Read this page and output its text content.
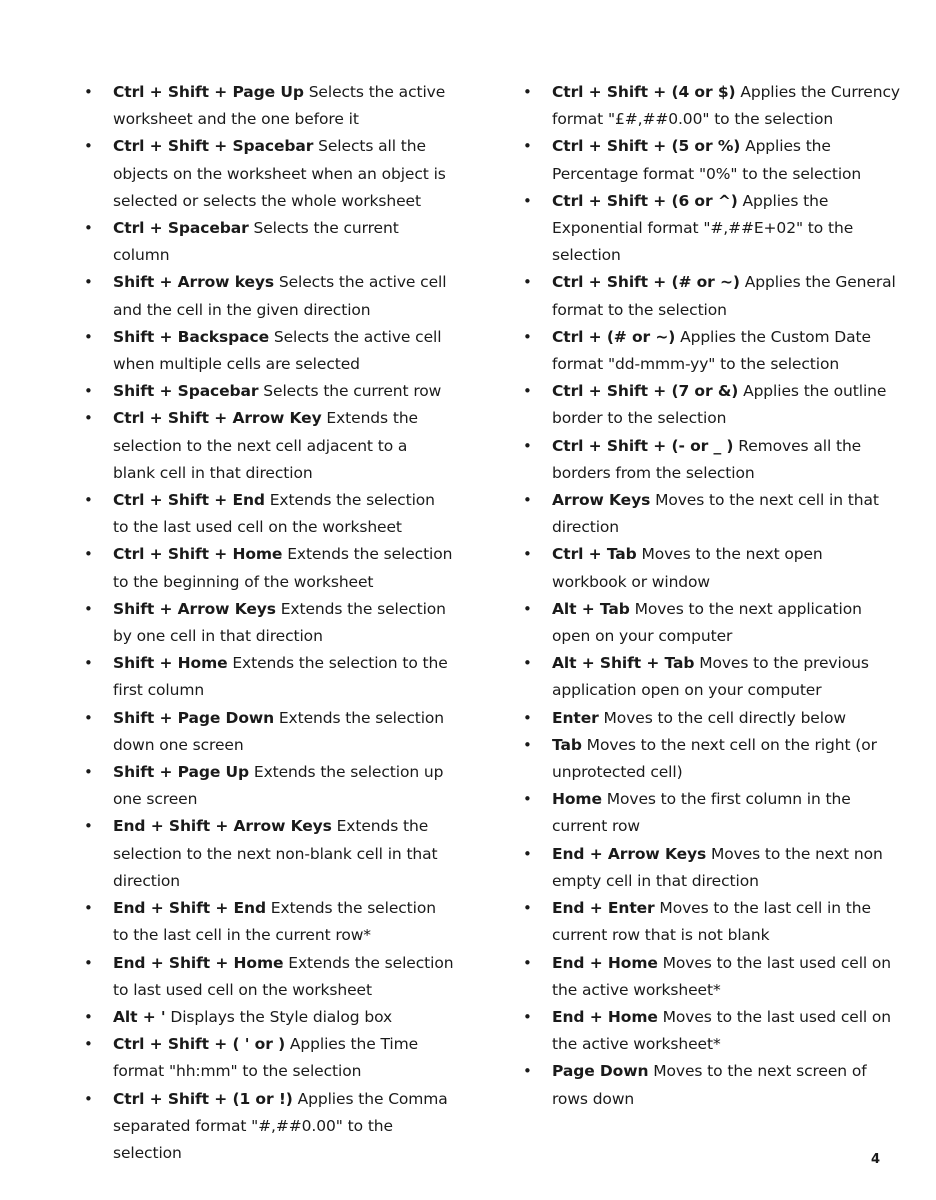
•	Ctrl + Shift + Page Up Selects the active worksheet and the one before it
•	Ctrl + Shift + Spacebar Selects all the objects on the worksheet when an object is selected or selects the whole worksheet
•	Ctrl + Spacebar Selects the current column
•	Shift + Arrow keys Selects the active cell and the cell in the given direction
•	Shift + Backspace Selects the active cell when multiple cells are selected
•	Shift + Spacebar Selects the current row
•	Ctrl + Shift + Arrow Key Extends the selection to the next cell adjacent to a blank cell in that direction
•	Ctrl + Shift + End Extends the selection to the last used cell on the worksheet
•	Ctrl + Shift + Home Extends the selection to the beginning of the worksheet
•	Shift + Arrow Keys Extends the selection by one cell in that direction
•	Shift + Home Extends the selection to the first column
•	Shift + Page Down Extends the selection down one screen
•	Shift + Page Up Extends the selection up one screen
•	End + Shift + Arrow Keys Extends the selection to the next non-blank cell in that direction
•	End + Shift + End Extends the selection to the last cell in the current row*
•	End + Shift + Home Extends the selection to last used cell on the worksheet
•	Alt + ' Displays the Style dialog box
•	Ctrl + Shift + ( ' or ) Applies the Time format "hh:mm" to the selection
•	Ctrl + Shift + (1 or !) Applies the Comma separated format "#,##0.00" to the selection
•	Ctrl + Shift + (4 or $) Applies the Currency format "£#,##0.00" to the selection
•	Ctrl + Shift + (5 or %) Applies the Percentage format "0%" to the selection
•	Ctrl + Shift + (6 or ^) Applies the Exponential format "#,##E+02" to the selection
•	Ctrl + Shift + (# or ~) Applies the General format to the selection
•	Ctrl + (# or ~) Applies the Custom Date format "dd-mmm-yy" to the selection
•	Ctrl + Shift + (7 or &) Applies the outline border to the selection
•	Ctrl + Shift + (- or _ ) Removes all the borders from the selection
•	Arrow Keys Moves to the next cell in that direction
•	Ctrl + Tab Moves to the next open workbook or window
•	Alt + Tab Moves to the next application open on your computer
•	Alt + Shift + Tab Moves to the previous application open on your computer
•	Enter Moves to the cell directly below
•	Tab Moves to the next cell on the right (or unprotected cell)
•	Home Moves to the first column in the current row
•	End + Arrow Keys Moves to the next non empty cell in that direction
•	End + Enter Moves to the last cell in the current row that is not blank
•	End + Home Moves to the last used cell on the active worksheet*
•	End + Home Moves to the last used cell on the active worksheet*
•	Page Down Moves to the next screen of rows down
4
